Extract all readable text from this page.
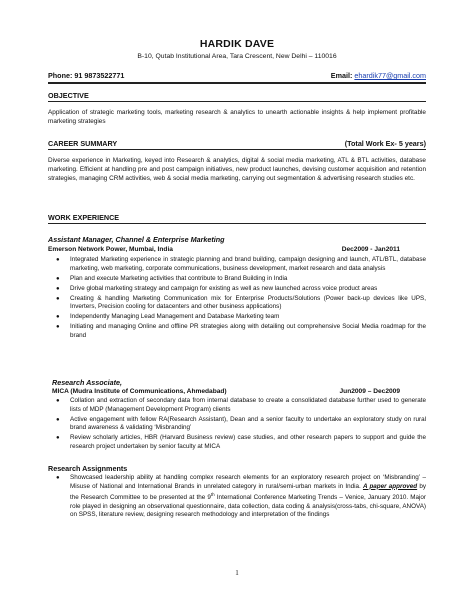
HARDIK DAVE
B-10, Qutab Institutional Area, Tara Crescent, New Delhi – 110016
Phone: 91 9873522771	Email: ehardik77@gmail.com
OBJECTIVE
Application of strategic marketing tools, marketing research & analytics to unearth actionable insights & help implement profitable marketing strategies
CAREER SUMMARY	(Total Work Ex- 5 years)
Diverse experience in Marketing, keyed into Research & analytics, digital & social media marketing, ATL & BTL activities, database marketing. Efficient at handling pre and post campaign initiatives, new product launches, devising customer acquisition and retention strategies, managing CRM activities, web & social media marketing, carrying out segmentation & advertising research studies etc.
WORK EXPERIENCE
Assistant Manager, Channel & Enterprise Marketing
Emerson Network Power, Mumbai, India	Dec2009 - Jan2011
● Integrated Marketing experience in strategic planning and brand building, campaign designing and launch, ATL/BTL, database marketing, web marketing, corporate communications, business development, market research and data analysis
● Plan and execute Marketing activities that contribute to Brand Building in India
● Drive global marketing strategy and campaign for existing as well as new launched across voice product areas
● Creating & handling Marketing Communication mix for Enterprise Products/Solutions (Power back-up devices like UPS, Inverters, Precision cooling for datacenters and other business applications)
● Independently Managing Lead Management and Database Marketing team
● Initiating and managing Online and offline PR strategies along with detailing out comprehensive Social Media roadmap for the brand
Research Associate,
MICA (Mudra Institute of Communications, Ahmedabad)	Jun2009 – Dec2009
● Collation and extraction of secondary data from internal database to create a consolidated database further used to generate lists of MDP (Management Development Program) clients
● Active engagement with fellow RA(Research Assistant), Dean and a senior faculty to undertake an exploratory study on rural brand awareness & validating ‘Misbranding’
● Review scholarly articles, HBR (Harvard Business review) case studies, and other research papers to support and guide the research project undertaken by senior faculty at MICA
Research Assignments
● Showcased leadership ability at handling complex research elements for an exploratory research project on ‘Misbranding’ – Misuse of National and International Brands in unrelated category in rural/semi-urban markets in India. A paper approved by the Research Committee to be presented at the 9th International Conference Marketing Trends – Venice, January 2010. Major role played in designing an observational questionnaire, data collection, data coding & analysis(cross-tabs, chi-square, ANOVA) on SPSS, literature review, designing research methodology and interpretation of the findings
1
